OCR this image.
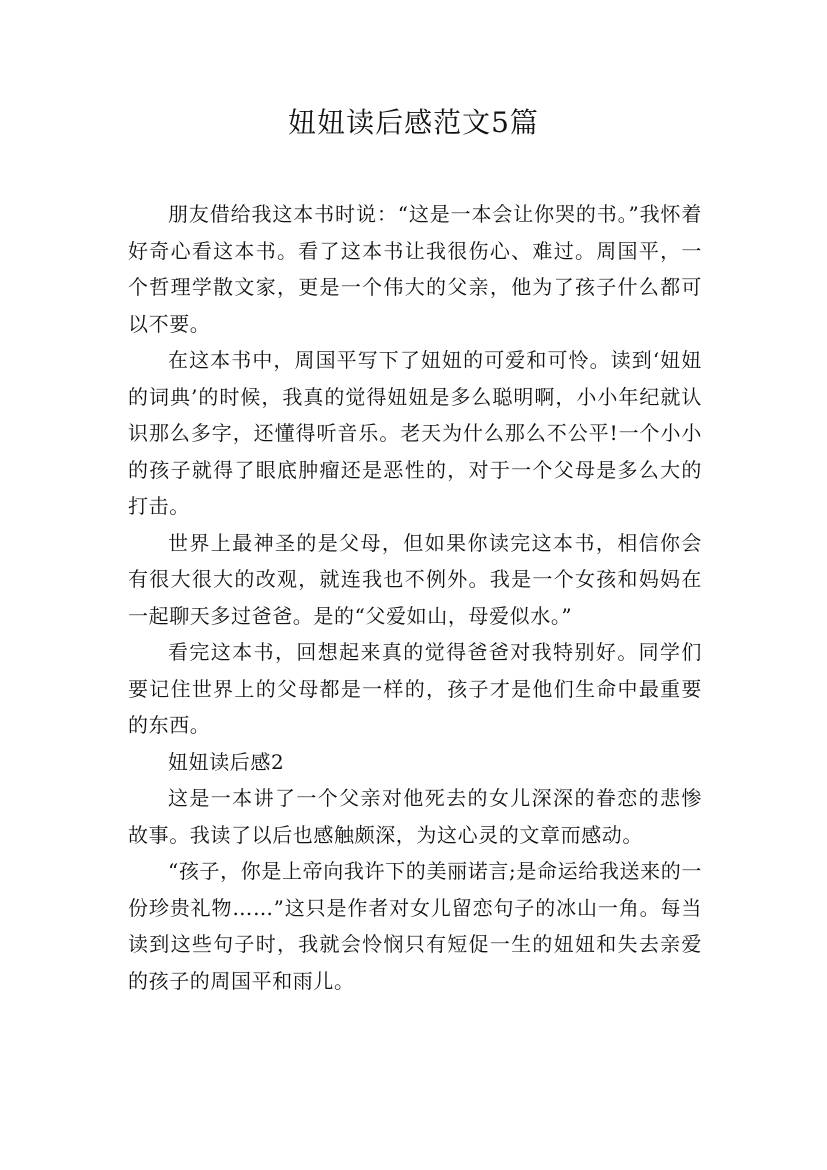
妞妞读后感范文5篇

朋友借给我这本书时说：“这是一本会让你哭的书。”我怀着好奇心看这本书。看了这本书让我很伤心、难过。周国平，一个哲理学散文家，更是一个伟大的父亲，他为了孩子什么都可以不要。

在这本书中，周国平写下了妞妞的可爱和可怜。读到‘妞妞的词典’的时候，我真的觉得妞妞是多么聪明啊，小小年纪就认识那么多字，还懂得听音乐。老天为什么那么不公平!一个小小的孩子就得了眼底肿瘤还是恶性的，对于一个父母是多么大的打击。

世界上最神圣的是父母，但如果你读完这本书，相信你会有很大很大的改观，就连我也不例外。我是一个女孩和妈妈在一起聊天多过爸爸。是的“父爱如山，母爱似水。”

看完这本书，回想起来真的觉得爸爸对我特别好。同学们要记住世界上的父母都是一样的，孩子才是他们生命中最重要的东西。

妞妞读后感2

这是一本讲了一个父亲对他死去的女儿深深的眷恋的悲惨故事。我读了以后也感触颇深，为这心灵的文章而感动。

“孩子，你是上帝向我许下的美丽诺言;是命运给我送来的一份珍贵礼物……”这只是作者对女儿留恋句子的冰山一角。每当读到这些句子时，我就会怜悯只有短促一生的妞妞和失去亲爱的孩子的周国平和雨儿。
